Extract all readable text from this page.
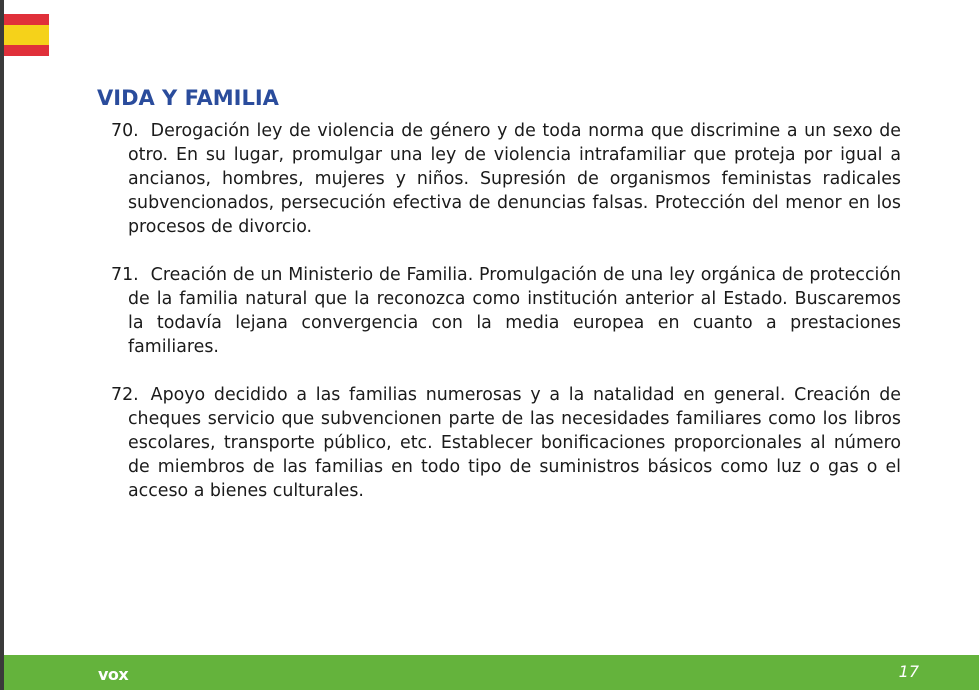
VIDA Y FAMILIA
70. Derogación ley de violencia de género y de toda norma que discrimine a un sexo de otro. En su lugar, promulgar una ley de violencia intrafamiliar que proteja por igual a ancianos, hombres, mujeres y niños. Supresión de organismos feministas radicales subvencionados, persecución efectiva de denuncias falsas. Protección del menor en los procesos de divorcio.
71. Creación de un Ministerio de Familia. Promulgación de una ley orgánica de protección de la familia natural que la reconozca como institución anterior al Estado. Buscaremos la todavía lejana convergencia con la media europea en cuanto a prestaciones familiares.
72. Apoyo decidido a las familias numerosas y a la natalidad en general. Creación de cheques servicio que subvencionen parte de las necesidades familiares como los libros escolares, transporte público, etc. Establecer bonificaciones proporcionales al número de miembros de las familias en todo tipo de suministros básicos como luz o gas o el acceso a bienes culturales.
vox	17
